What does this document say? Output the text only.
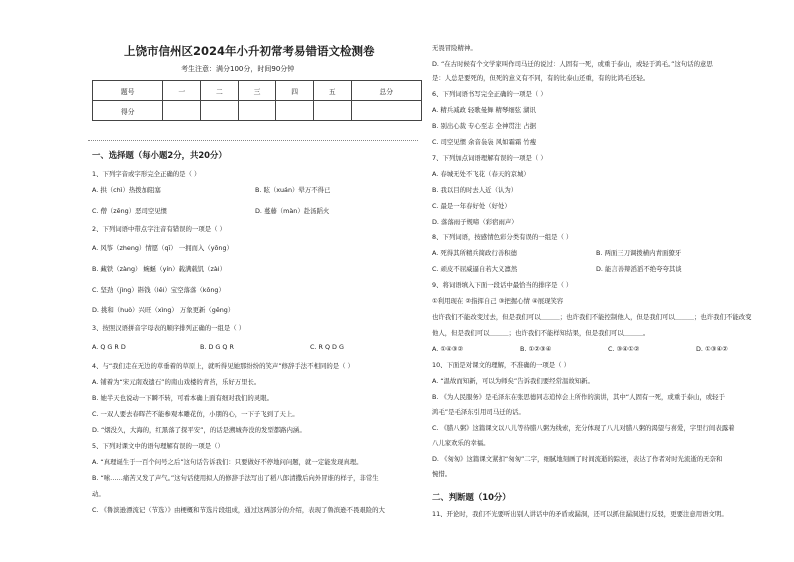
上饶市信州区2024年小升初常考易错语文检测卷
考生注意：满分100分，时间90分钟
题号	一	二	三	四	五	总分
得分						
一、选择题（每小题2分，共20分）
1、下列字音或字形完全正确的是（ ）
A. 拱（chì）热拨加阻塞	B. 眩（xuán）晕万不得已
C. 僧（zēng）恶司空见惯	D. 蔓藤（màn）赴汤蹈火
2、下列词语中带点字注音有错误的一项是（ ）
A. 风筝（zheng）情愿（qī） 一拥而入（yōng）
B. 藏铁（zàng） 蜿蜒（yín）载满载饥（zài）
C. 坚劲（jìng）斟钱（lěi）宝空落落（kōng）
D. 挑和（huò）兴旺（xìng） 万象更新（gēng）
3、按照汉语拼音字母表的顺序排列正确的一组是（ ）
A. Q G R D	B. D G Q R	C. R Q D G
4、与“我们走在无边的草垂着的草原上，就听得见她那纷纷的笑声”修辞手法不相同的是（ ）
A. 铺着为“宋元南戏遗石”的南山戏楼的青苔，乐好万里长。
B. 她半天也说动一下瞬不转，可看本确上面有细对我们的灵眼。
C. 一双人要去春晖芒不能参观本雕花仿，小朋的心，一下子飞到了天上。
D. “烟没久，大海的，红黑落了探平安”，的话是溯城奔没的发型都路内涵。
5、下列对课文中的语句理解有误的一项是（）
A. “真理诞生于一百个问号之后”这句话告诉我们：只要做好不停地问问题，就一定能发现真理。
B. “嗦……痛苦又发了声气。”这句话使用拟人的修辞手法写出了稻八郎清撒后向外冒谁的样子，非常生
动。
C. 《鲁滨逊漂流记（节选）》由梗概和节选片段组成，通过这两部分的介绍，表现了鲁滨逊不畏艰险的大
无畏冒险精神。
D. “在古时候有个文学家叫作司马迁的说过：人固有一死，或重于泰山，或轻于鸿毛。”这句话的意思
是：人总是要死的，但死的意义有不同，有的比泰山还重，有的比鸿毛还轻。
6、下列词语书写完全正确的一项是（ ）
A. 精兵减政 轻歌曼舞 精琴细弦 湖讯
B. 别出心裁 专心至志 全神贯注 占据
C. 司空见惯 余音袅袅 风如霜霜 竹瘦
7、下列加点词语理解有误的一项是（ ）
A. 春城无处不飞花（春天的京城）
B. 我以目的时去人近（认为）
C. 最是一年春好处（好处）
D. 落落雨子规啼（彩宿雨声）
8、下列词语，按感情色彩分类有误的一组是（ ）
A. 死得其所精兵简政行善积德	B. 两面三刀调拨横内青面獠牙
C. 顽皮不屈威逼自若大义凛然	D. 能言善辩滔滔不绝夸夸其谈
9、将词语填入下面一段话中最恰当的排序是（ ）
①利用现在 ②指挥自己 ③把握心情 ④展现笑容
也许我们不能改变过去，但是我们可以＿＿＿；也许我们不能控制他人，但是我们可以＿＿＿；也许我们不能改变
他人，但是我们可以＿＿＿；也许我们不能样知结果，但是我们可以＿＿＿。
A. ①④③②	B. ①②③④	C. ③④①②	D. ①③④②
10、下面是对课文的理解，不准确的一项是（ ）
A. “温故而知新，可以为师矣”告诉我们要经常温故知新。
B. 《为人民服务》是毛泽东在张思德同志追悼会上所作的演讲，其中“人固有一死，或重于泰山，或轻于
鸿毛”是毛泽东引用司马迁的话。
C. 《腊八粥》这篇课文以八儿等待腊八粥为线索，充分体现了八儿对腊八粥的渴望与喜爱，字里行间表露着
八儿家欢乐的幸福。
D. 《匆匆》这篇课文紧扣“匆匆”二字，细腻地刻画了时间流逝的踪迹，表达了作者对时光流逝的无奈和
惋惜。
二、判断题（10分）
11、开论时，我们不光要听出别人讲话中的矛盾或漏洞，还可以抓住漏洞进行反驳，更要注意用语文明。
